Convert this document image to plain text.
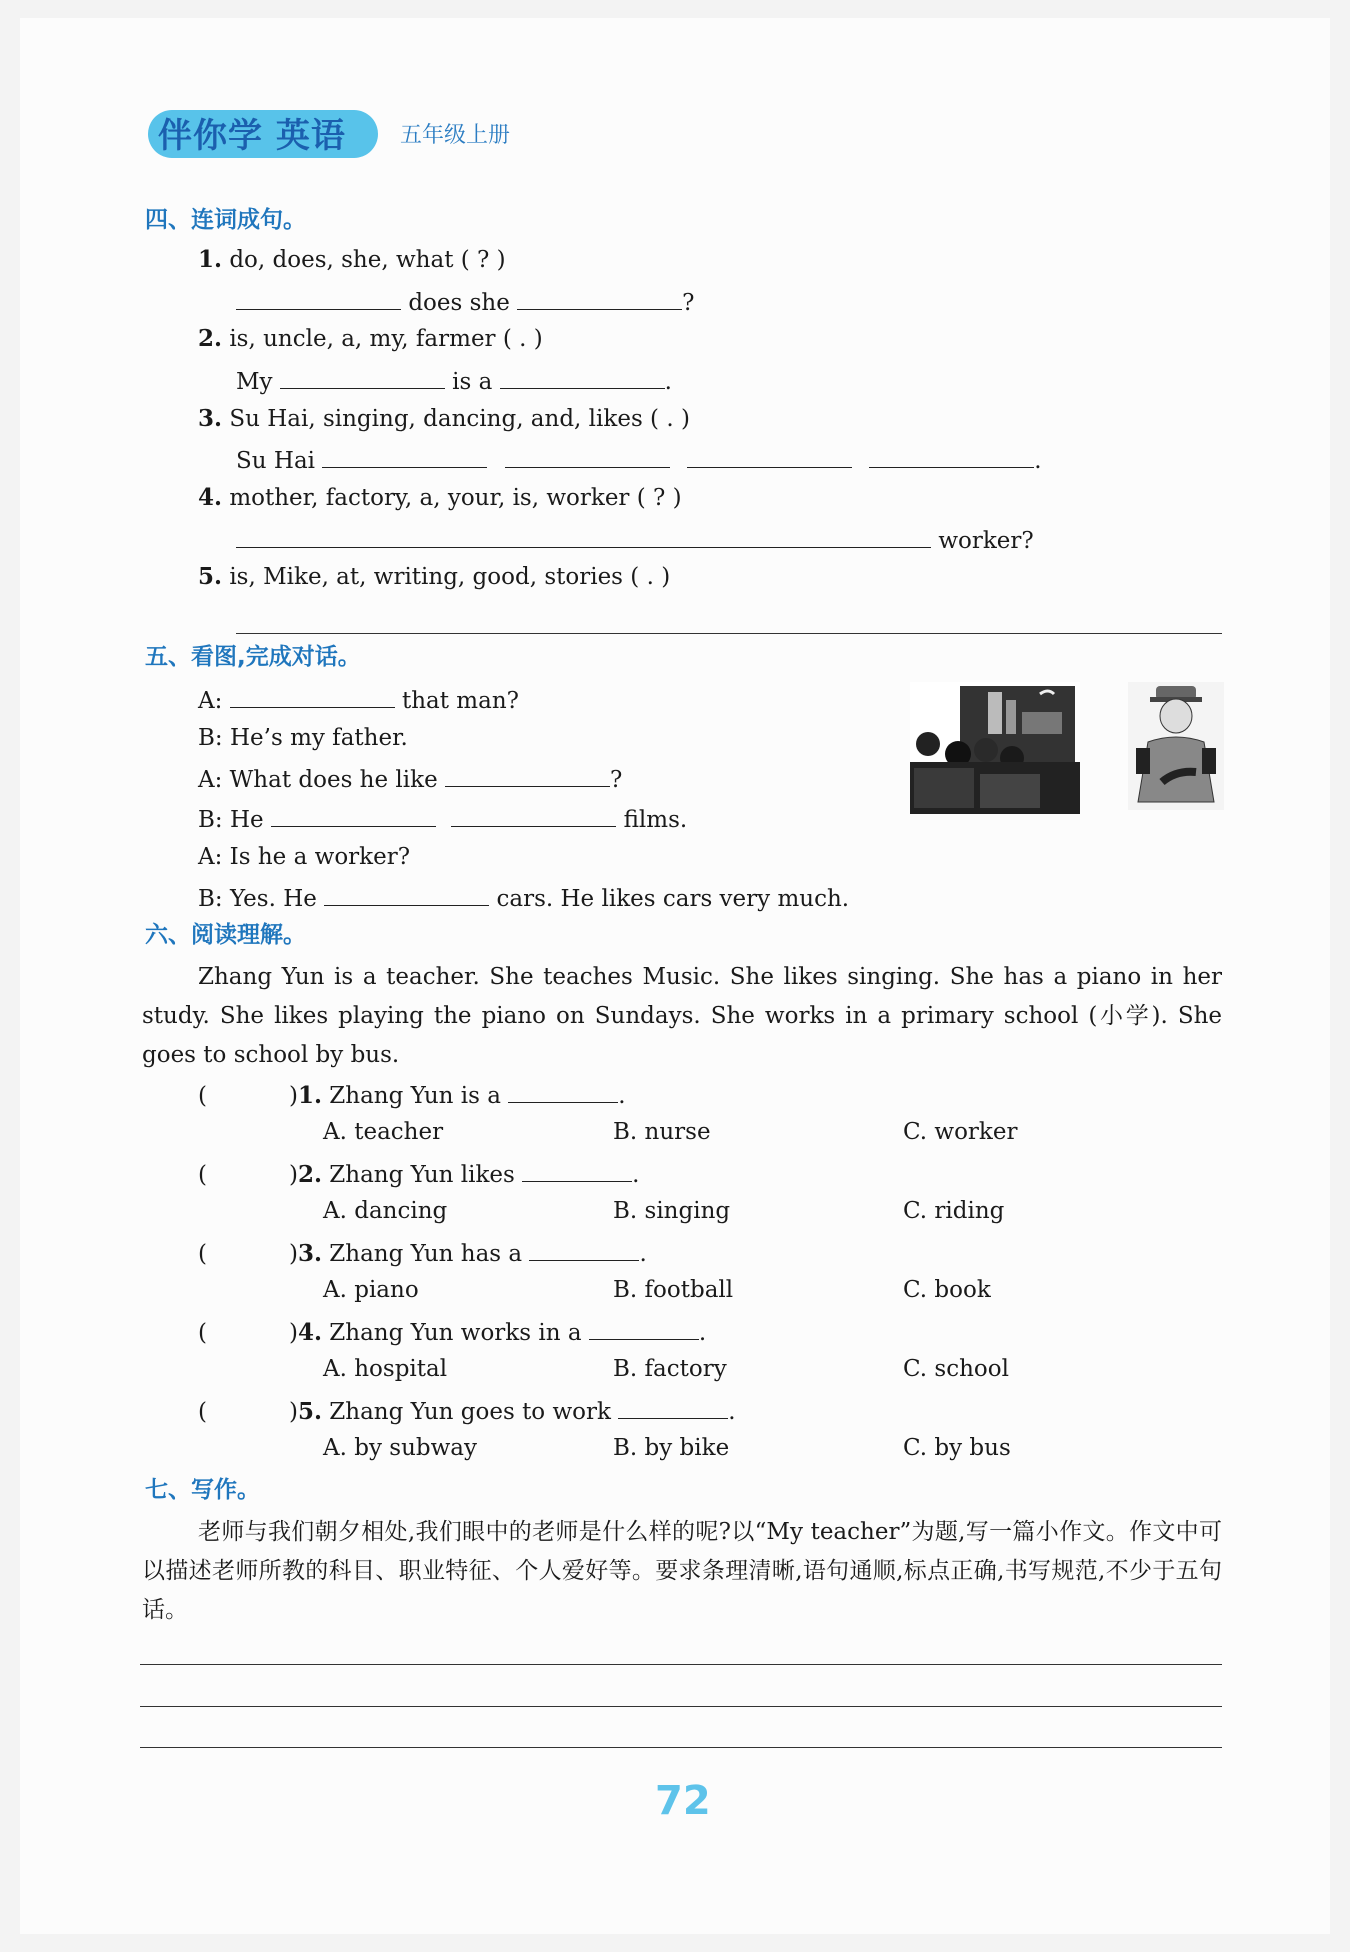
伴你学 英语 五年级上册
四、连词成句。
1. do, does, she, what ( ? )
does she	?
2. is, uncle, a, my, farmer ( . )
My	is a	.
3. Su Hai, singing, dancing, and, likes ( . )
Su Hai	.
4. mother, factory, a, your, is, worker ( ? )
worker?
5. is, Mike, at, writing, good, stories ( . )
五、看图,完成对话。
A:	that man?
B: He’s my father.
A: What does he like	?
B: He	films.
A: Is he a worker?
B: Yes. He	cars. He likes cars very much.
六、阅读理解。
Zhang Yun is a teacher. She teaches Music. She likes singing. She has a piano in her study. She likes playing the piano on Sundays. She works in a primary school (小学). She goes to school by bus.
(	)1. Zhang Yun is a	.
A. teacher	B. nurse	C. worker
(	)2. Zhang Yun likes	.
A. dancing	B. singing	C. riding
(	)3. Zhang Yun has a	.
A. piano	B. football	C. book
(	)4. Zhang Yun works in a	.
A. hospital	B. factory	C. school
(	)5. Zhang Yun goes to work	.
A. by subway	B. by bike	C. by bus
七、写作。
老师与我们朝夕相处,我们眼中的老师是什么样的呢?以“My teacher”为题,写一篇小作文。作文中可以描述老师所教的科目、职业特征、个人爱好等。要求条理清晰,语句通顺,标点正确,书写规范,不少于五句话。
72
